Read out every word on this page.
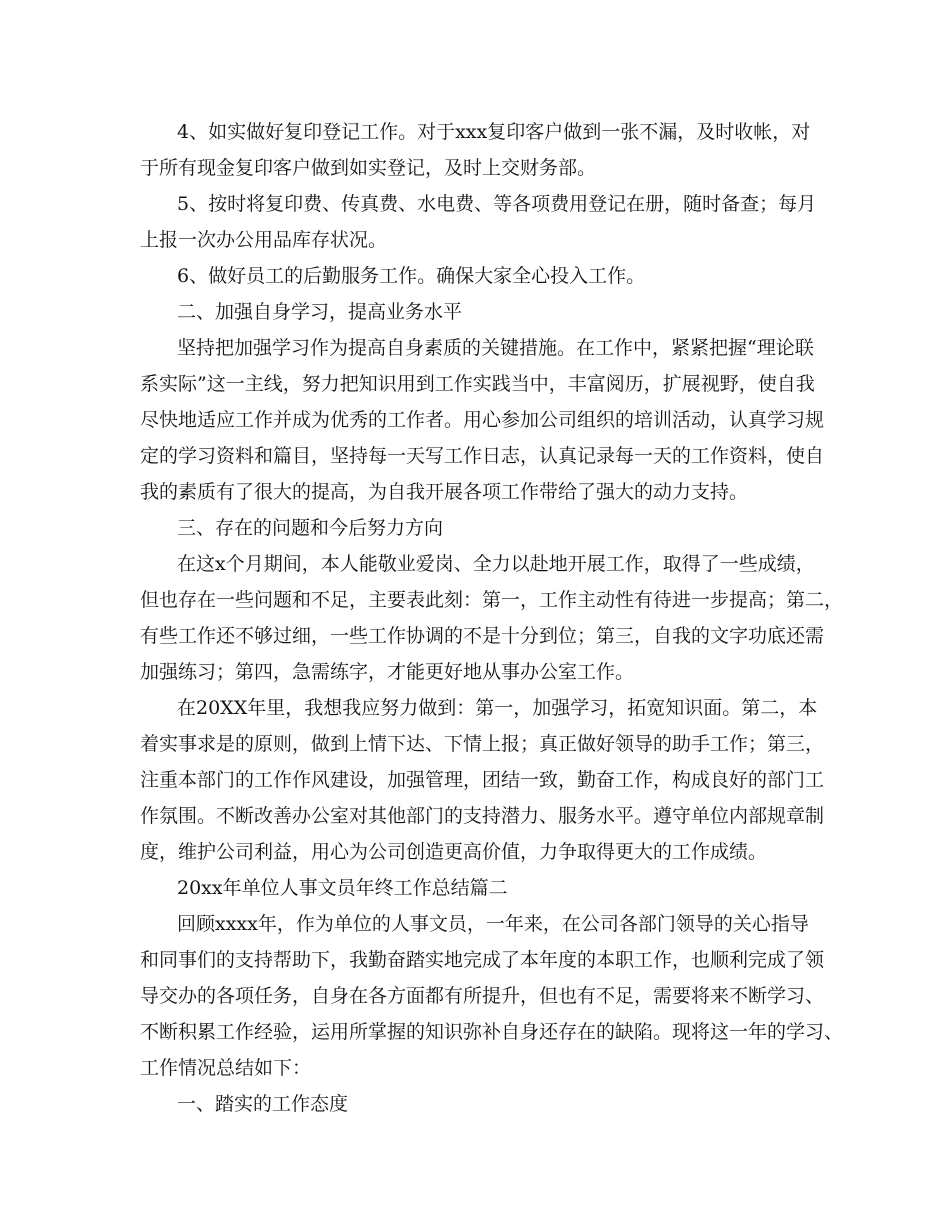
4、如实做好复印登记工作。对于xxx复印客户做到一张不漏，及时收帐，对
于所有现金复印客户做到如实登记，及时上交财务部。
5、按时将复印费、传真费、水电费、等各项费用登记在册，随时备查；每月
上报一次办公用品库存状况。
6、做好员工的后勤服务工作。确保大家全心投入工作。
二、加强自身学习，提高业务水平
坚持把加强学习作为提高自身素质的关键措施。在工作中，紧紧把握“理论联
系实际”这一主线，努力把知识用到工作实践当中，丰富阅历，扩展视野，使自我
尽快地适应工作并成为优秀的工作者。用心参加公司组织的培训活动，认真学习规
定的学习资料和篇目，坚持每一天写工作日志，认真记录每一天的工作资料，使自
我的素质有了很大的提高，为自我开展各项工作带给了强大的动力支持。
三、存在的问题和今后努力方向
在这x个月期间，本人能敬业爱岗、全力以赴地开展工作，取得了一些成绩，
但也存在一些问题和不足，主要表此刻：第一，工作主动性有待进一步提高；第二，
有些工作还不够过细，一些工作协调的不是十分到位；第三，自我的文字功底还需
加强练习；第四，急需练字，才能更好地从事办公室工作。
在20XX年里，我想我应努力做到：第一，加强学习，拓宽知识面。第二，本
着实事求是的原则，做到上情下达、下情上报；真正做好领导的助手工作；第三，
注重本部门的工作作风建设，加强管理，团结一致，勤奋工作，构成良好的部门工
作氛围。不断改善办公室对其他部门的支持潜力、服务水平。遵守单位内部规章制
度，维护公司利益，用心为公司创造更高价值，力争取得更大的工作成绩。
20xx年单位人事文员年终工作总结篇二
回顾xxxx年，作为单位的人事文员，一年来，在公司各部门领导的关心指导
和同事们的支持帮助下，我勤奋踏实地完成了本年度的本职工作，也顺利完成了领
导交办的各项任务，自身在各方面都有所提升，但也有不足，需要将来不断学习、
不断积累工作经验，运用所掌握的知识弥补自身还存在的缺陷。现将这一年的学习、
工作情况总结如下：
一、踏实的工作态度
